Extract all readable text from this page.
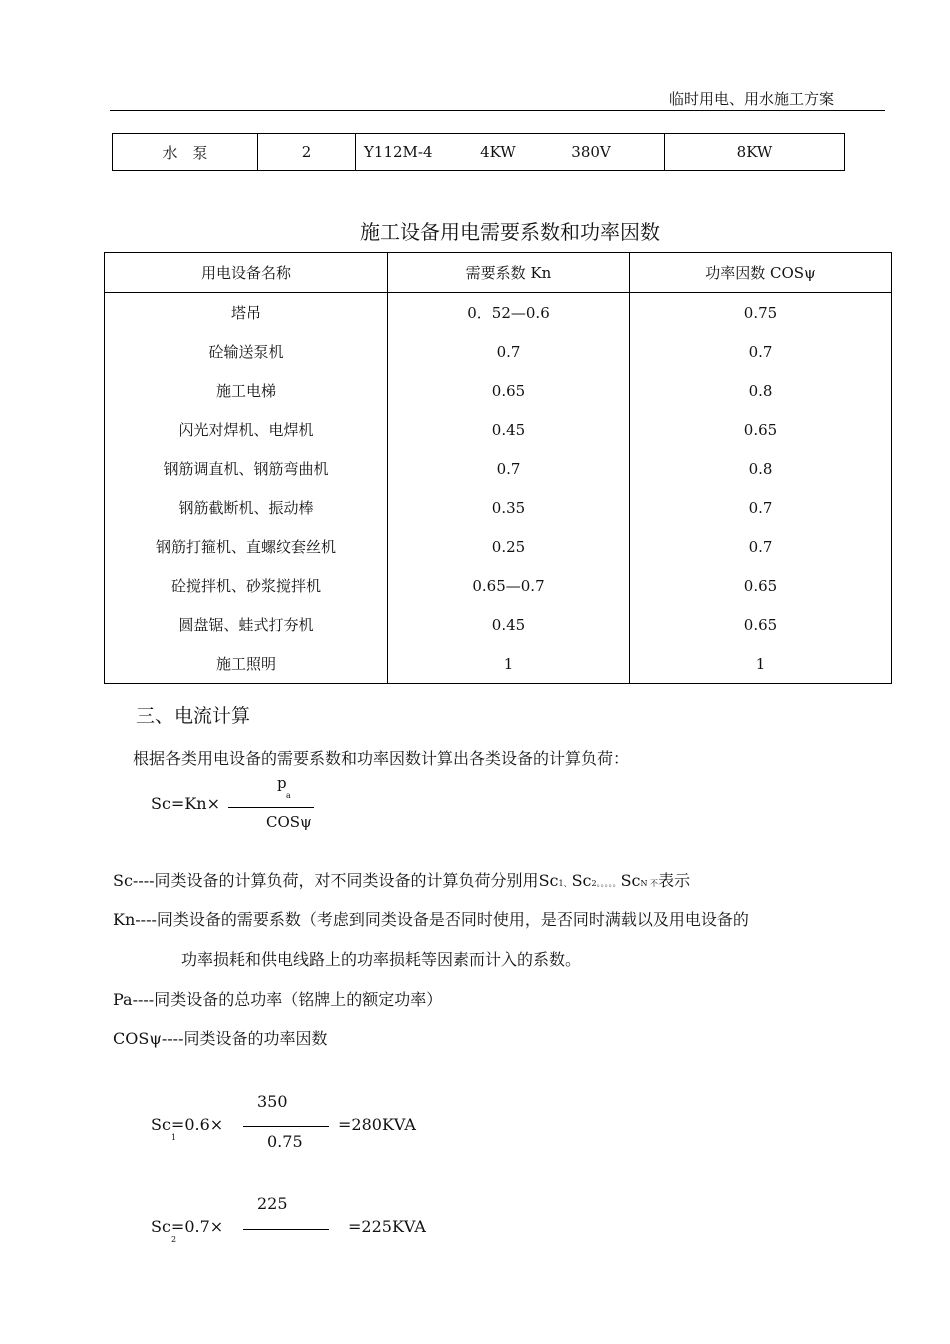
临时用电、用水施工方案
水　泵	2	Y112M-4	4KW	380V	8KW
施工设备用电需要系数和功率因数
用电设备名称	需要系数 Kn	功率因数 COSψ
塔吊	0．52—0.6	0.75
砼输送泵机	0.7	0.7
施工电梯	0.65	0.8
闪光对焊机、电焊机	0.45	0.65
钢筋调直机、钢筋弯曲机	0.7	0.8
钢筋截断机、振动棒	0.35	0.7
钢筋打箍机、直螺纹套丝机	0.25	0.7
砼搅拌机、砂浆搅拌机	0.65—0.7	0.65
圆盘锯、蛙式打夯机	0.45	0.65
施工照明	1	1
三、电流计算
根据各类用电设备的需要系数和功率因数计算出各类设备的计算负荷：
Sc=Kn×
p
a
COSψ
Sc----同类设备的计算负荷，对不同类设备的计算负荷分别用Sc1、Sc2。。。。。ScN 不表示
Kn----同类设备的需要系数（考虑到同类设备是否同时使用，是否同时满载以及用电设备的
功率损耗和供电线路上的功率损耗等因素而计入的系数。
Pa----同类设备的总功率（铭牌上的额定功率）
COSψ----同类设备的功率因数
350
Sc=0.6×
1
=280KVA
0.75
225
Sc=0.7×
2
=225KVA
